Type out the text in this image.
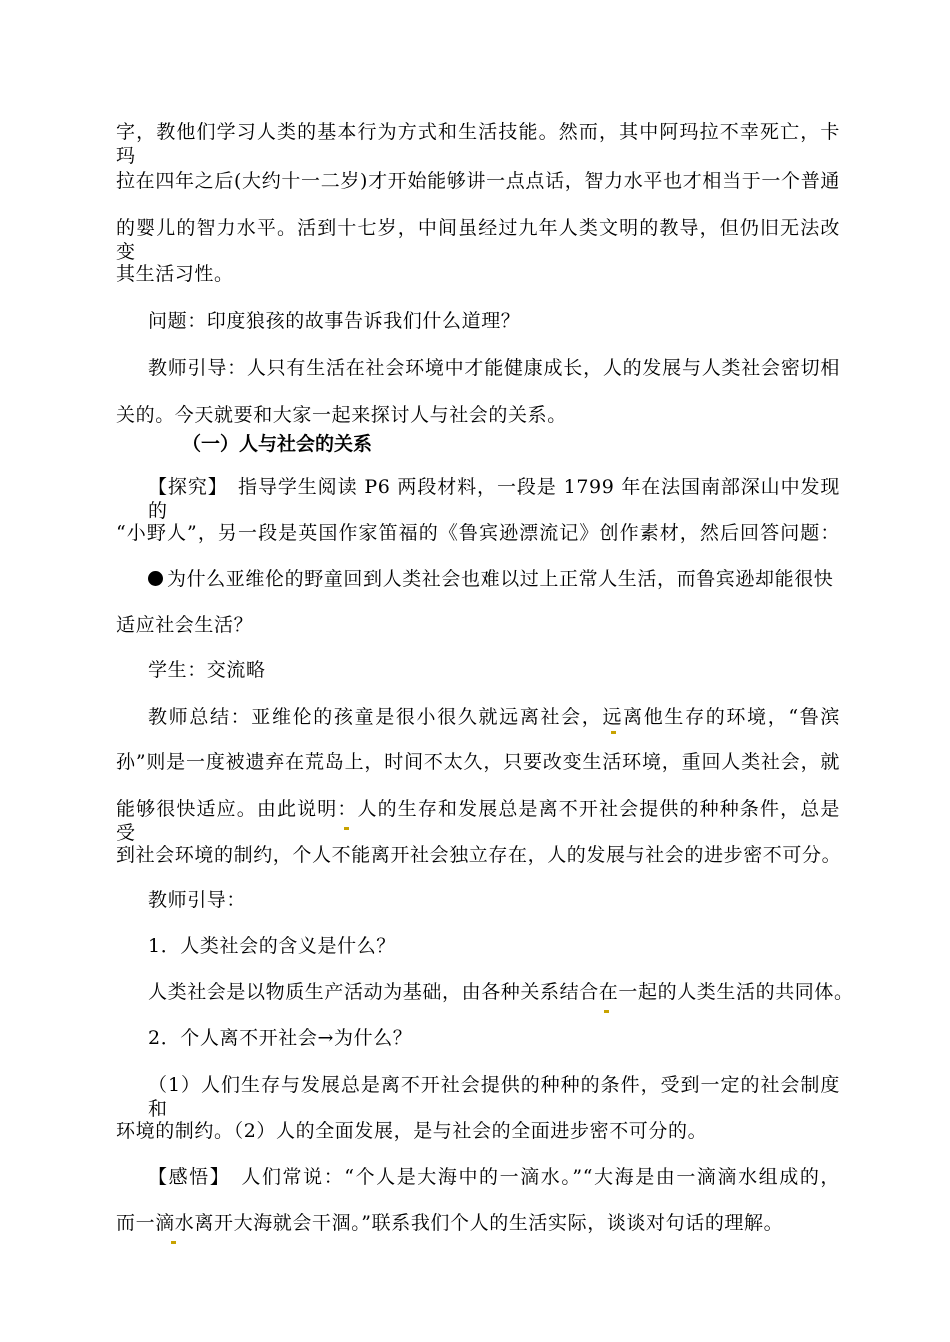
字，教他们学习人类的基本行为方式和生活技能。然而，其中阿玛拉不幸死亡，卡玛
拉在四年之后(大约十一二岁)才开始能够讲一点点话，智力水平也才相当于一个普通
的婴儿的智力水平。活到十七岁，中间虽经过九年人类文明的教导，但仍旧无法改变
其生活习性。
问题：印度狼孩的故事告诉我们什么道理？
教师引导：人只有生活在社会环境中才能健康成长，人的发展与人类社会密切相
关的。今天就要和大家一起来探讨人与社会的关系。
（一）人与社会的关系
【探究】　指导学生阅读 P6 两段材料，一段是 1799 年在法国南部深山中发现的
“小野人”，另一段是英国作家笛福的《鲁宾逊漂流记》创作素材，然后回答问题：
为什么亚维伦的野童回到人类社会也难以过上正常人生活，而鲁宾逊却能很快
适应社会生活？
学生：交流略
教师总结：亚维伦的孩童是很小很久就远离社会，远离他生存的环境，“鲁滨
孙”则是一度被遗弃在荒岛上，时间不太久，只要改变生活环境，重回人类社会，就
能够很快适应。由此说明：人的生存和发展总是离不开社会提供的种种条件，总是受
到社会环境的制约，个人不能离开社会独立存在，人的发展与社会的进步密不可分。
教师引导：
1．人类社会的含义是什么？
人类社会是以物质生产活动为基础，由各种关系结合在一起的人类生活的共同体。
2．个人离不开社会→为什么？
（1）人们生存与发展总是离不开社会提供的种种的条件，受到一定的社会制度和
环境的制约。（2）人的全面发展，是与社会的全面进步密不可分的。
【感悟】　人们常说：“个人是大海中的一滴水。”“大海是由一滴滴水组成的，
而一滴水离开大海就会干涸。”联系我们个人的生活实际，谈谈对句话的理解。
